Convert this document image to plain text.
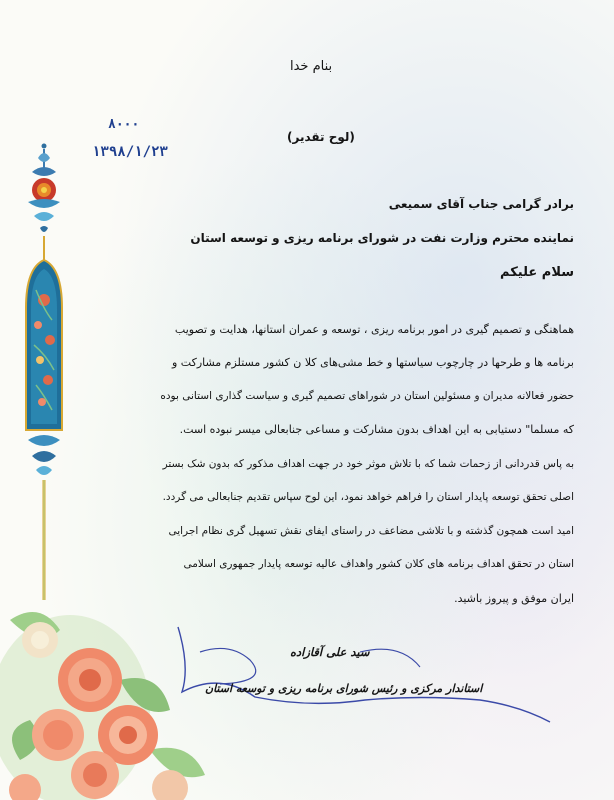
بنام خدا
(لوح تقدیر)
۸۰۰۰
۱۳۹۸/۱/۲۳
برادر گرامی جناب آقای سمیعی
نماینده محترم وزارت نفت در شورای برنامه ریزی و توسعه استان
سلام علیکم
هماهنگی و تصمیم گیری در امور برنامه ریزی ، توسعه و عمران استانها، هدایت و تصویب
برنامه ها و طرحها در چارچوب سیاستها و خط مشی‌های کلا ن کشور مستلزم مشارکت و
حضور فعالانه مدیران و مسئولین استان در شوراهای تصمیم گیری و سیاست گذاری استانی بوده
که مسلما" دستیابی به این اهداف بدون مشارکت و مساعی جنابعالی میسر نبوده است.
به پاس قدردانی از زحمات شما که با تلاش موثر خود در جهت اهداف مذکور که بدون شک بستر
اصلی تحقق توسعه پایدار استان را فراهم خواهد نمود، این لوح سپاس تقدیم جنابعالی می گردد.
امید است همچون گذشته و با تلاشی مضاعف در راستای ایفای نقش تسهیل گری نظام اجرایی
استان در تحقق اهداف برنامه های کلان کشور واهداف عالیه توسعه پایدار جمهوری اسلامی
ایران موفق و پیروز باشید.
سید علی آقازاده
استاندار مرکزی و رئیس شورای برنامه ریزی و توسعه استان
